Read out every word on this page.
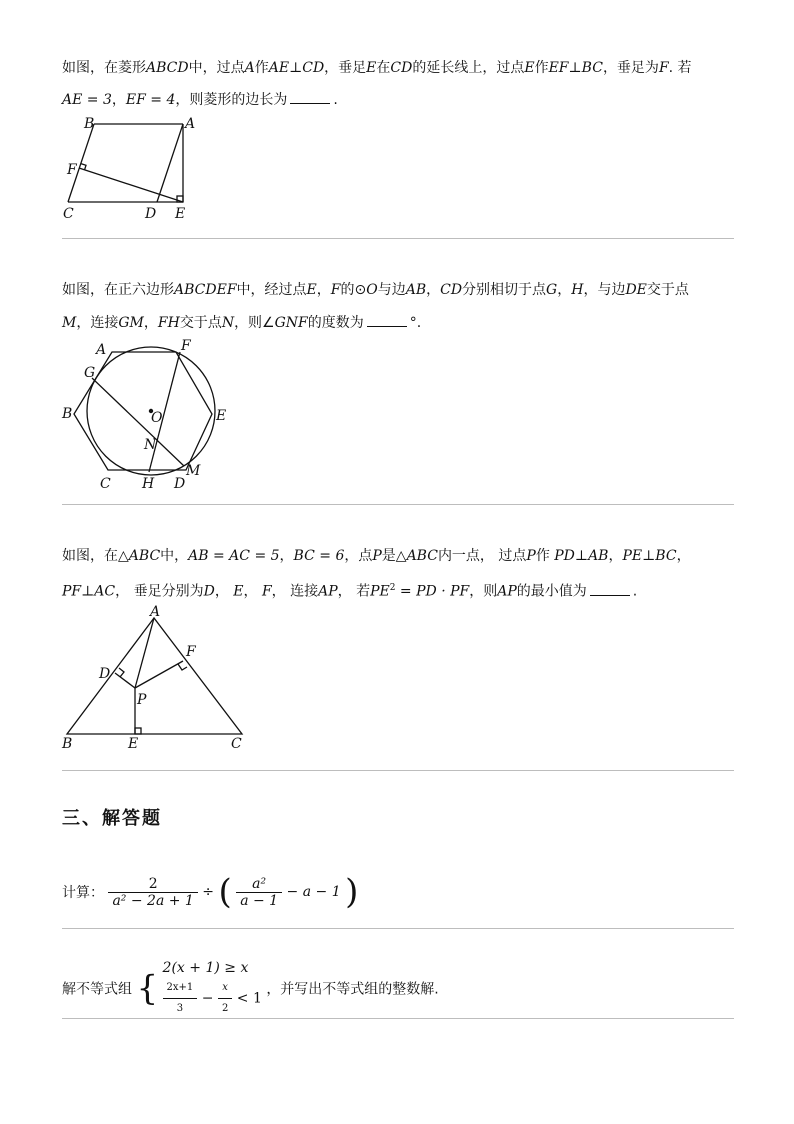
如图，在菱形ABCD中，过点A作AE⊥CD，垂足E在CD的延长线上，过点E作EF⊥BC，垂足为F. 若
AE = 3，EF = 4，则菱形的边长为	.
B	A
F
C	D E
如图，在正六边形ABCDEF中，经过点E，F的⊙O与边AB，CD分别相切于点G，H，与边DE交于点
M，连接GM，FH交于点N，则∠GNF的度数为	°.
A	F
G
B	O	E
N
M
C H D
如图，在△ABC中，AB = AC = 5，BC = 6，点P是△ABC内一点， 过点P作 PD⊥AB，PE⊥BC，
PF⊥AC， 垂足分别为D， E， F， 连接AP， 若$PE^2$ = PD · PF，则AP的最小值为	.
A
D
F
P
B	E	C
三、解答题
计算： $\frac{2}{\text{a² − 2a + 1}}$ ÷ ( $\frac{\text{a²}}{a - 1} - a - 1$ )
解不等式组 {
2(x + 1) ≥ x
$\frac{2x+1}{3} - \frac{x}{2} < 1$
，并写出不等式组的整数解.
